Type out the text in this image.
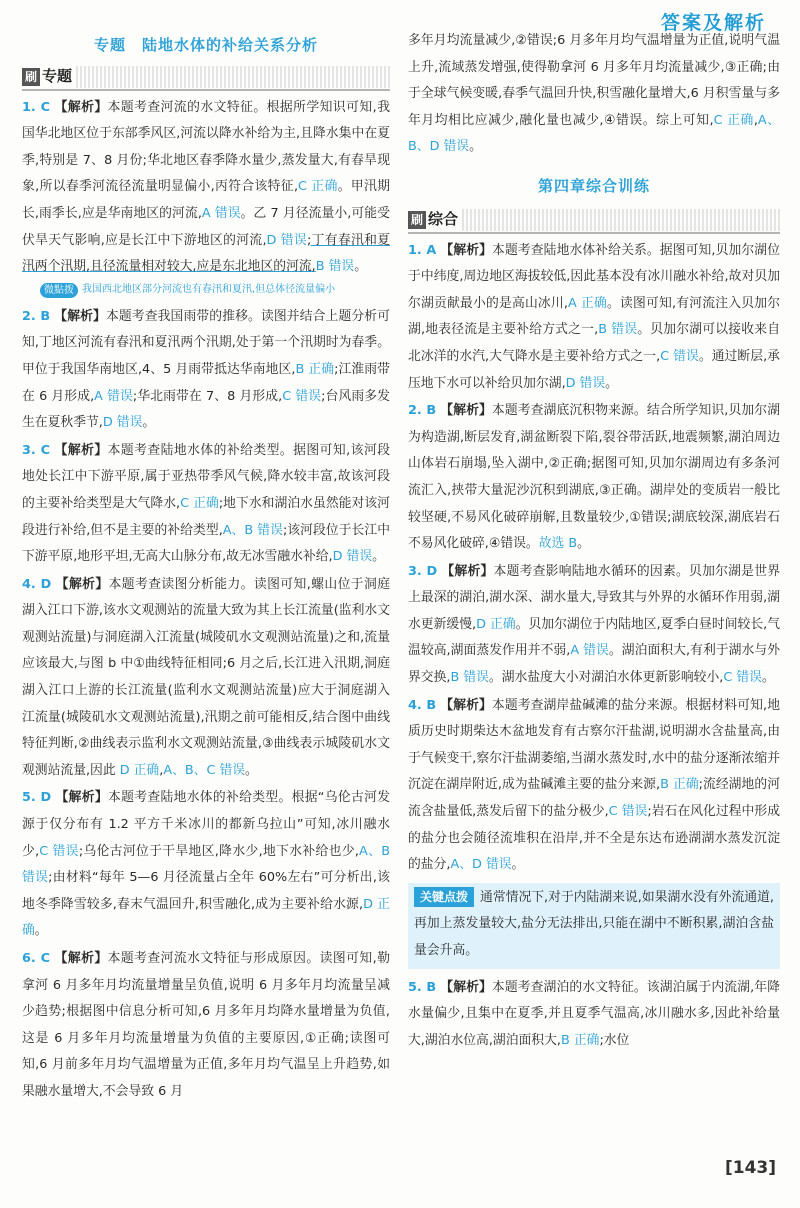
答案及解析
专题　陆地水体的补给关系分析
刷 专题

1. C 【解析】本题考查河流的水文特征。根据所学知识可知,我国华北地区位于东部季风区,河流以降水补给为主,且降水集中在夏季,特别是 7、8 月份;华北地区春季降水量少,蒸发量大,有春旱现象,所以春季河流径流量明显偏小,丙符合该特征,C 正确。甲汛期长,雨季长,应是华南地区的河流,A 错误。乙 7 月径流量小,可能受伏旱天气影响,应是长江中下游地区的河流,D 错误;丁有春汛和夏汛两个汛期,且径流量相对较大,应是东北地区的河流,B 错误。

微點拨 我国西北地区部分河流也有春汛和夏汛,但总体径流量偏小

2. B 【解析】本题考查我国雨带的推移。读图并结合上题分析可知,丁地区河流有春汛和夏汛两个汛期,处于第一个汛期时为春季。甲位于我国华南地区,4、5 月雨带抵达华南地区,B 正确;江淮雨带在 6 月形成,A 错误;华北雨带在 7、8 月形成,C 错误;台风雨多发生在夏秋季节,D 错误。

3. C 【解析】本题考查陆地水体的补给类型。据图可知,该河段地处长江中下游平原,属于亚热带季风气候,降水较丰富,故该河段的主要补给类型是大气降水,C 正确;地下水和湖泊水虽然能对该河段进行补给,但不是主要的补给类型,A、B 错误;该河段位于长江中下游平原,地形平坦,无高大山脉分布,故无冰雪融水补给,D 错误。

4. D 【解析】本题考查读图分析能力。读图可知,螺山位于洞庭湖入江口下游,该水文观测站的流量大致为其上长江流量(监利水文观测站流量)与洞庭湖入江流量(城陵矶水文观测站流量)之和,流量应该最大,与图 b 中①曲线特征相同;6 月之后,长江进入汛期,洞庭湖入江口上游的长江流量(监利水文观测站流量)应大于洞庭湖入江流量(城陵矶水文观测站流量),汛期之前可能相反,结合图中曲线特征判断,②曲线表示监利水文观测站流量,③曲线表示城陵矶水文观测站流量,因此 D 正确,A、B、C 错误。

5. D 【解析】本题考查陆地水体的补给类型。根据“乌伦古河发源于仅分布有 1.2 平方千米冰川的都新乌拉山”可知,冰川融水少,C 错误;乌伦古河位于干旱地区,降水少,地下水补给也少,A、B 错误;由材料“每年 5—6 月径流量占全年 60%左右”可分析出,该地冬季降雪较多,春末气温回升,积雪融化,成为主要补给水源,D 正确。

6. C 【解析】本题考查河流水文特征与形成原因。读图可知,勒拿河 6 月多年月均流量增量呈负值,说明 6 月多年月均流量呈减少趋势;根据图中信息分析可知,6 月多年月均降水量增量为负值,这是 6 月多年月均流量增量为负值的主要原因,①正确;读图可知,6 月前多年月均气温增量为正值,多年月均气温呈上升趋势,如果融水量增大,不会导致 6 月

多年月均流量减少,②错误;6 月多年月均气温增量为正值,说明气温上升,流域蒸发增强,使得勒拿河 6 月多年月均流量减少,③正确;由于全球气候变暖,春季气温回升快,积雪融化量增大,6 月积雪量与多年月均相比应减少,融化量也减少,④错误。综上可知,C 正确,A、B、D 错误。

第四章综合训练
刷 综合

1. A 【解析】本题考查陆地水体补给关系。据图可知,贝加尔湖位于中纬度,周边地区海拔较低,因此基本没有冰川融水补给,故对贝加尔湖贡献最小的是高山冰川,A 正确。读图可知,有河流注入贝加尔湖,地表径流是主要补给方式之一,B 错误。贝加尔湖可以接收来自北冰洋的水汽,大气降水是主要补给方式之一,C 错误。通过断层,承压地下水可以补给贝加尔湖,D 错误。

2. B 【解析】本题考查湖底沉积物来源。结合所学知识,贝加尔湖为构造湖,断层发育,湖盆断裂下陷,裂谷带活跃,地震频繁,湖泊周边山体岩石崩塌,坠入湖中,②正确;据图可知,贝加尔湖周边有多条河流汇入,挟带大量泥沙沉积到湖底,③正确。湖岸处的变质岩一般比较坚硬,不易风化破碎崩解,且数量较少,①错误;湖底较深,湖底岩石不易风化破碎,④错误。故选 B。

3. D 【解析】本题考查影响陆地水循环的因素。贝加尔湖是世界上最深的湖泊,湖水深、湖水量大,导致其与外界的水循环作用弱,湖水更新缓慢,D 正确。贝加尔湖位于内陆地区,夏季白昼时间较长,气温较高,湖面蒸发作用并不弱,A 错误。湖泊面积大,有利于湖水与外界交换,B 错误。湖水盐度大小对湖泊水体更新影响较小,C 错误。

4. B 【解析】本题考查湖岸盐碱滩的盐分来源。根据材料可知,地质历史时期柴达木盆地发育有古察尔汗盐湖,说明湖水含盐量高,由于气候变干,察尔汗盐湖萎缩,当湖水蒸发时,水中的盐分逐渐浓缩并沉淀在湖岸附近,成为盐碱滩主要的盐分来源,B 正确;流经湖地的河流含盐量低,蒸发后留下的盐分极少,C 错误;岩石在风化过程中形成的盐分也会随径流堆积在沿岸,并不全是东达布逊湖湖水蒸发沉淀的盐分,A、D 错误。

关键点拨 通常情况下,对于内陆湖来说,如果湖水没有外流通道,再加上蒸发量较大,盐分无法排出,只能在湖中不断积累,湖泊含盐量会升高。

5. B 【解析】本题考查湖泊的水文特征。该湖泊属于内流湖,年降水量偏少,且集中在夏季,并且夏季气温高,冰川融水多,因此补给量大,湖泊水位高,湖泊面积大,B 正确;水位

[143]
